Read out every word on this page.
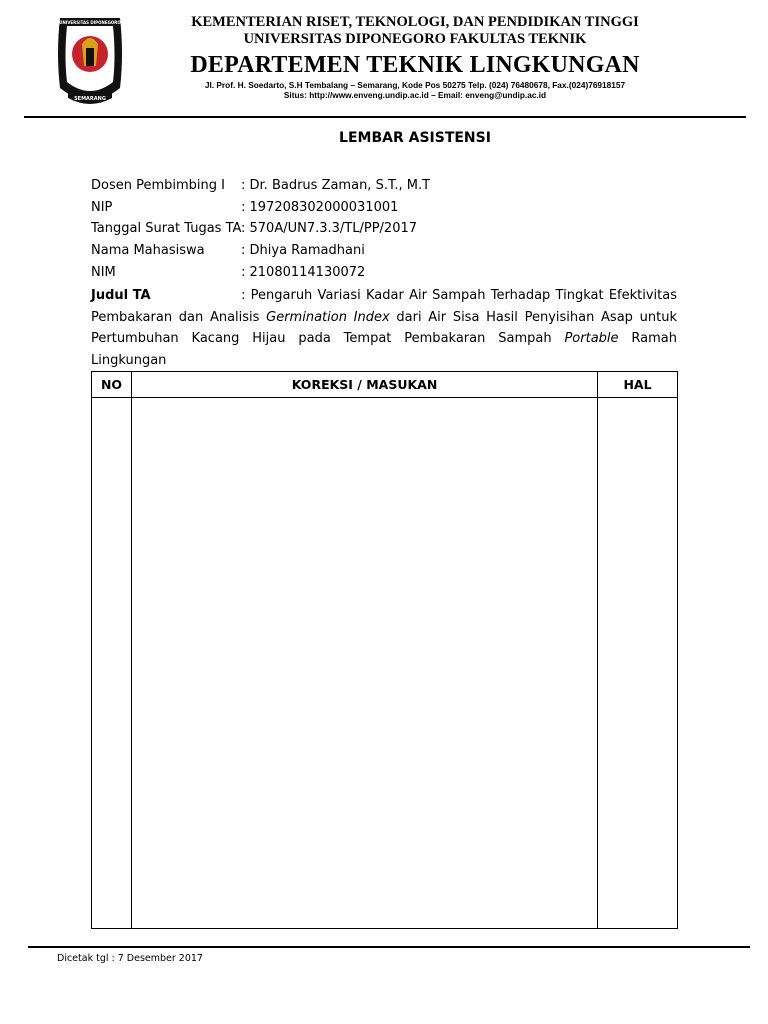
SEMARANG
UNIVERSITAS DIPONEGORO	KEMENTERIAN RISET, TEKNOLOGI, DAN PENDIDIKAN TINGGI
UNIVERSITAS DIPONEGORO FAKULTAS TEKNIK
DEPARTEMEN TEKNIK LINGKUNGAN
Jl. Prof. H. Soedarto, S.H Tembalang – Semarang, Kode Pos 50275 Telp. (024) 76480678, Fax.(024)76918157
Situs: http://www.enveng.undip.ac.id – Email: enveng@undip.ac.id
LEMBAR ASISTENSI
Dosen Pembimbing I : Dr. Badrus Zaman, S.T., M.T
NIP	: 197208302000031001
Tanggal Surat Tugas TA: 570A/UN7.3.3/TL/PP/2017
Nama Mahasiswa	: Dhiya Ramadhani
NIM	: 21080114130072
Judul TA	: Pengaruh Variasi Kadar Air Sampah Terhadap Tingkat Efektivitas Pembakaran dan Analisis Germination Index dari Air Sisa Hasil Penyisihan Asap untuk Pertumbuhan Kacang Hijau pada Tempat Pembakaran Sampah Portable Ramah Lingkungan
NO	KOREKSI / MASUKAN	HAL

Dicetak tgl : 7 Desember 2017
